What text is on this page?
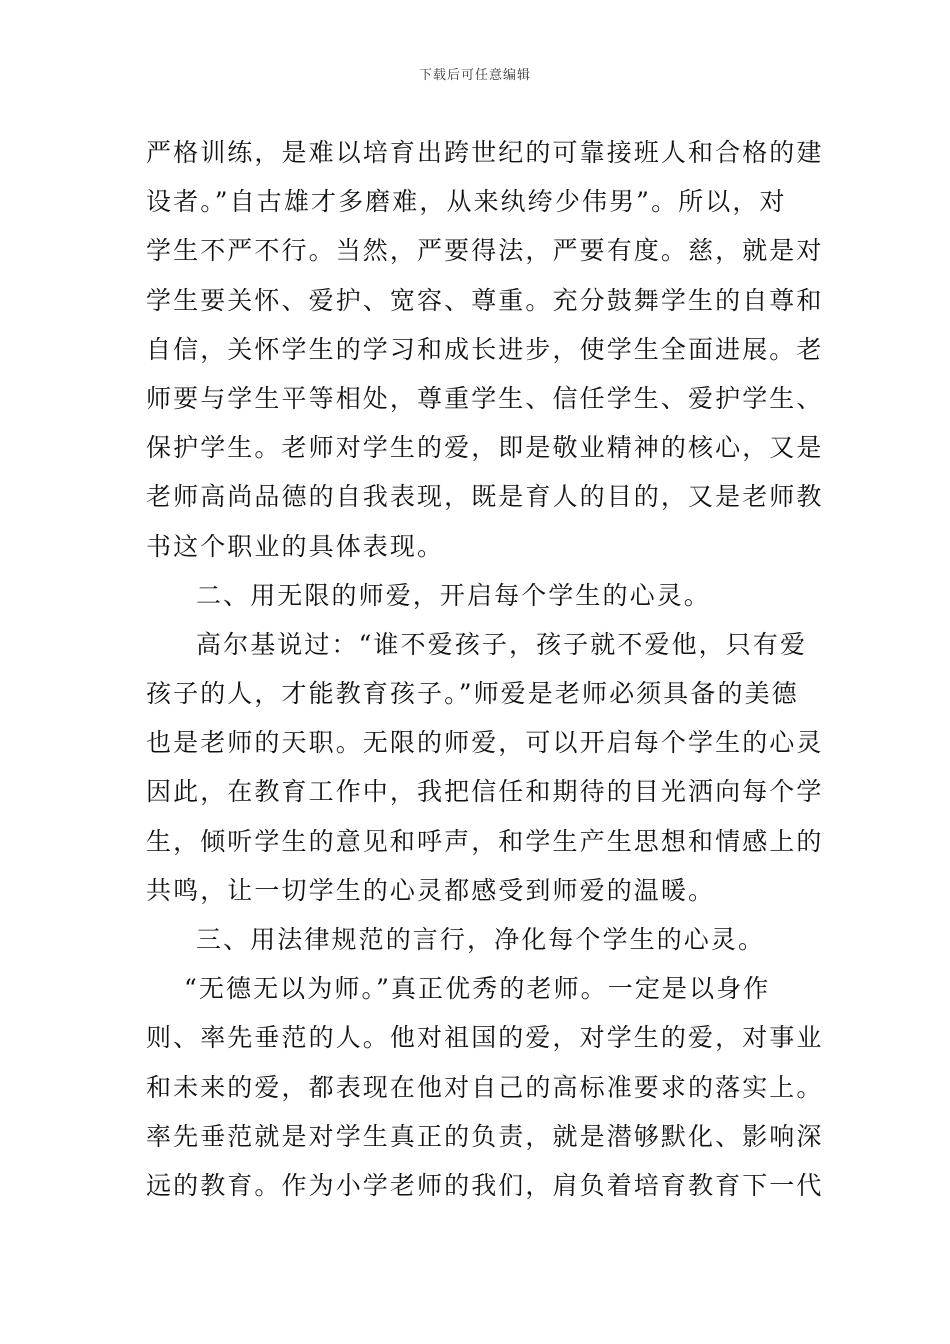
下载后可任意编辑
严格训练，是难以培育出跨世纪的可靠接班人和合格的建
设者。”自古雄才多磨难，从来纨绔少伟男”。所以，对
学生不严不行。当然，严要得法，严要有度。慈，就是对
学生要关怀、爱护、宽容、尊重。充分鼓舞学生的自尊和
自信，关怀学生的学习和成长进步，使学生全面进展。老
师要与学生平等相处，尊重学生、信任学生、爱护学生、
保护学生。老师对学生的爱，即是敬业精神的核心，又是
老师高尚品德的自我表现，既是育人的目的，又是老师教
书这个职业的具体表现。
二、用无限的师爱，开启每个学生的心灵。
高尔基说过：“谁不爱孩子，孩子就不爱他，只有爱
孩子的人，才能教育孩子。”师爱是老师必须具备的美德
也是老师的天职。无限的师爱，可以开启每个学生的心灵
因此，在教育工作中，我把信任和期待的目光洒向每个学
生，倾听学生的意见和呼声，和学生产生思想和情感上的
共鸣，让一切学生的心灵都感受到师爱的温暖。
三、用法律规范的言行，净化每个学生的心灵。
“无德无以为师。”真正优秀的老师。一定是以身作
则、率先垂范的人。他对祖国的爱，对学生的爱，对事业
和未来的爱，都表现在他对自己的高标准要求的落实上。
率先垂范就是对学生真正的负责，就是潜够默化、影响深
远的教育。作为小学老师的我们，肩负着培育教育下一代
